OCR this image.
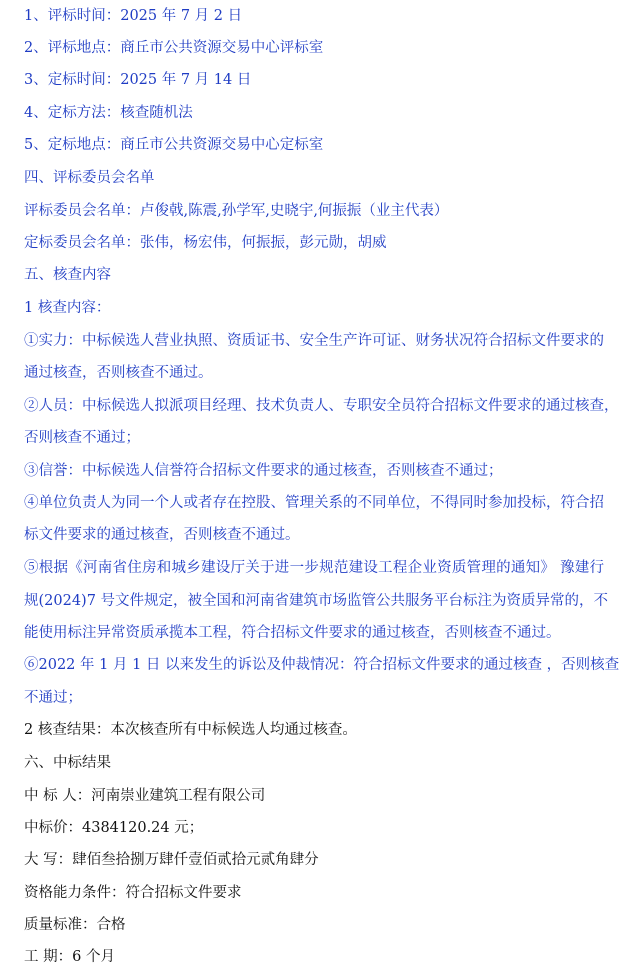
1、评标时间：2025 年 7 月 2 日

2、评标地点：商丘市公共资源交易中心评标室

3、定标时间：2025 年 7 月 14 日

4、定标方法：核查随机法

5、定标地点：商丘市公共资源交易中心定标室

四、评标委员会名单

评标委员会名单：卢俊戟,陈震,孙学军,史晓宇,何振振（业主代表）

定标委员会名单：张伟，杨宏伟，何振振，彭元勋，胡威

五、核查内容

1 核查内容：

①实力：中标候选人营业执照、资质证书、安全生产许可证、财务状况符合招标文件要求的

通过核查，否则核查不通过。

②人员：中标候选人拟派项目经理、技术负责人、专职安全员符合招标文件要求的通过核查，

否则核查不通过；

③信誉：中标候选人信誉符合招标文件要求的通过核查，否则核查不通过；

④单位负责人为同一个人或者存在控股、管理关系的不同单位，不得同时参加投标，符合招

标文件要求的通过核查，否则核查不通过。

⑤根据《河南省住房和城乡建设厅关于进一步规范建设工程企业资质管理的通知》 豫建行

规(2024)7 号文件规定，被全国和河南省建筑市场监管公共服务平台标注为资质异常的，不

能使用标注异常资质承揽本工程，符合招标文件要求的通过核查，否则核查不通过。

⑥2022 年 1 月 1 日 以来发生的诉讼及仲裁情况：符合招标文件要求的通过核查 ，否则核查

不通过；

2 核查结果：本次核查所有中标候选人均通过核查。

六、中标结果

中 标 人：河南崇业建筑工程有限公司

中标价：4384120.24 元；

大 写：肆佰叁拾捌万肆仟壹佰贰拾元贰角肆分

资格能力条件：符合招标文件要求

质量标准：合格

工 期：6 个月
